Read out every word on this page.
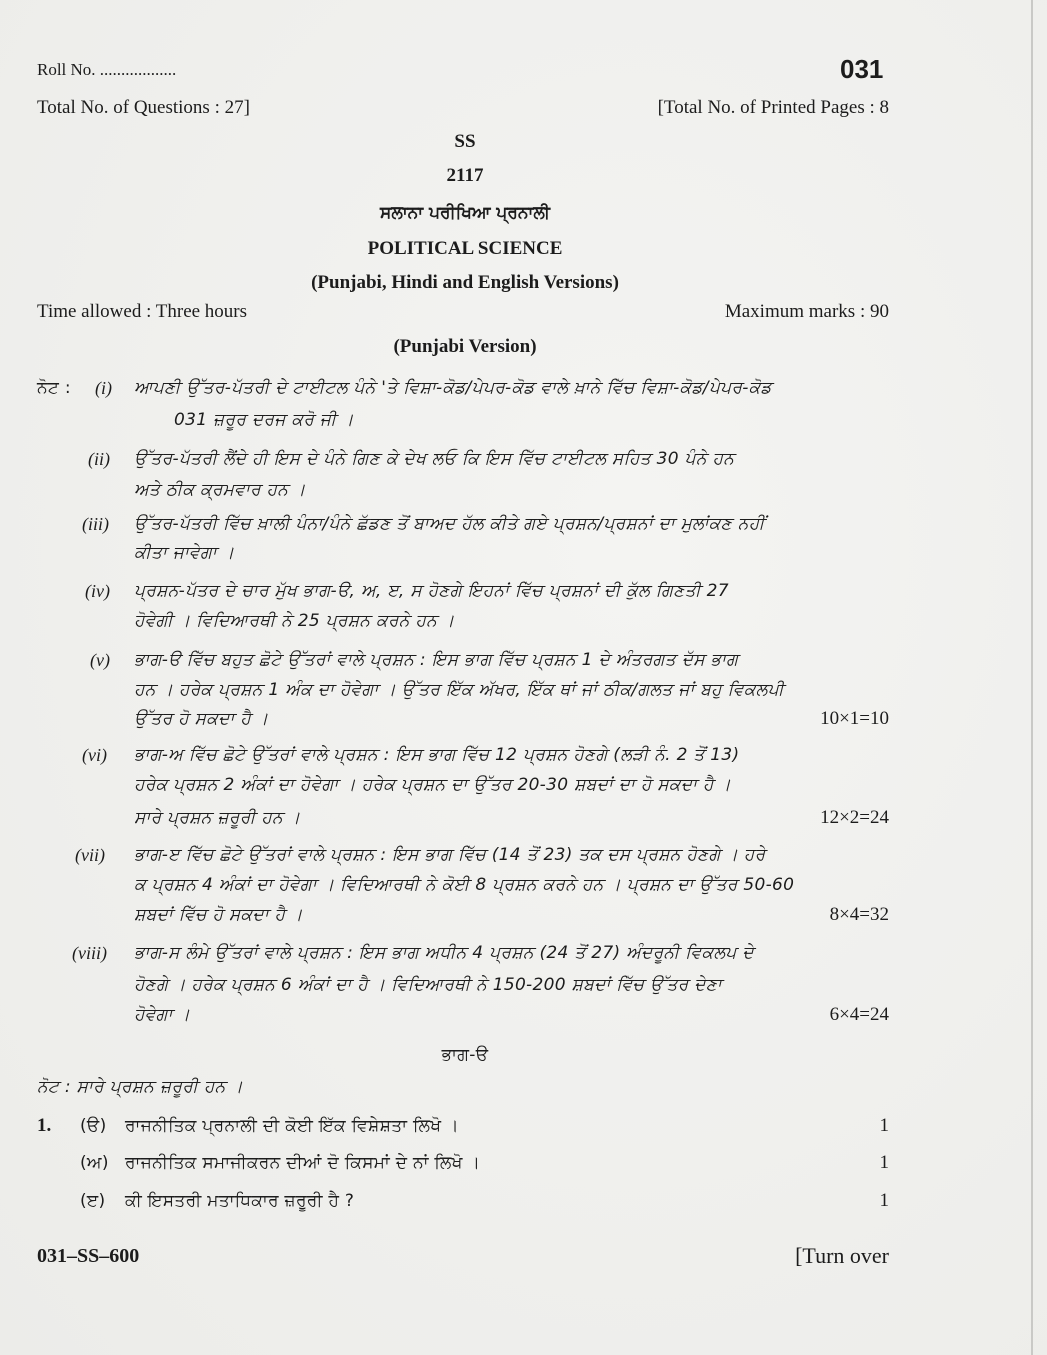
Roll No. ..................	031
Total No. of Questions : 27]	[Total No. of Printed Pages : 8
SS
2117
ਸਲਾਨਾ ਪਰੀਖਿਆ ਪ੍ਰਨਾਲੀ
POLITICAL SCIENCE
(Punjabi, Hindi and English Versions)
Time allowed : Three hours	Maximum marks : 90
(Punjabi Version)
ਨੋਟ : (i) ਆਪਣੀ ਉੱਤਰ-ਪੱਤਰੀ ਦੇ ਟਾਈਟਲ ਪੰਨੇ 'ਤੇ ਵਿਸ਼ਾ-ਕੋਡ/ਪੇਪਰ-ਕੋਡ ਵਾਲੇ ਖ਼ਾਨੇ ਵਿੱਚ ਵਿਸ਼ਾ-ਕੋਡ/ਪੇਪਰ-ਕੋਡ
031 ਜ਼ਰੂਰ ਦਰਜ ਕਰੋ ਜੀ ।
(ii) ਉੱਤਰ-ਪੱਤਰੀ ਲੈਂਦੇ ਹੀ ਇਸ ਦੇ ਪੰਨੇ ਗਿਣ ਕੇ ਦੇਖ ਲਓ ਕਿ ਇਸ ਵਿੱਚ ਟਾਈਟਲ ਸਹਿਤ 30 ਪੰਨੇ ਹਨ
ਅਤੇ ਠੀਕ ਕ੍ਰਮਵਾਰ ਹਨ ।
(iii) ਉੱਤਰ-ਪੱਤਰੀ ਵਿੱਚ ਖ਼ਾਲੀ ਪੰਨਾ/ਪੰਨੇ ਛੱਡਣ ਤੋਂ ਬਾਅਦ ਹੱਲ ਕੀਤੇ ਗਏ ਪ੍ਰਸ਼ਨ/ਪ੍ਰਸ਼ਨਾਂ ਦਾ ਮੁਲਾਂਕਣ ਨਹੀਂ
ਕੀਤਾ ਜਾਵੇਗਾ ।
(iv) ਪ੍ਰਸ਼ਨ-ਪੱਤਰ ਦੇ ਚਾਰ ਮੁੱਖ ਭਾਗ-ੳ, ਅ, ੲ, ਸ ਹੋਣਗੇ ਇਹਨਾਂ ਵਿੱਚ ਪ੍ਰਸ਼ਨਾਂ ਦੀ ਕੁੱਲ ਗਿਣਤੀ 27
ਹੋਵੇਗੀ । ਵਿਦਿਆਰਥੀ ਨੇ 25 ਪ੍ਰਸ਼ਨ ਕਰਨੇ ਹਨ ।
(v) ਭਾਗ-ੳ ਵਿੱਚ ਬਹੁਤ ਛੋਟੇ ਉੱਤਰਾਂ ਵਾਲੇ ਪ੍ਰਸ਼ਨ : ਇਸ ਭਾਗ ਵਿੱਚ ਪ੍ਰਸ਼ਨ 1 ਦੇ ਅੰਤਰਗਤ ਦੱਸ ਭਾਗ
ਹਨ । ਹਰੇਕ ਪ੍ਰਸ਼ਨ 1 ਅੰਕ ਦਾ ਹੋਵੇਗਾ । ਉੱਤਰ ਇੱਕ ਅੱਖਰ, ਇੱਕ ਥਾਂ ਜਾਂ ਠੀਕ/ਗਲਤ ਜਾਂ ਬਹੁ ਵਿਕਲਪੀ
ਉੱਤਰ ਹੋ ਸਕਦਾ ਹੈ ।	10×1=10
(vi) ਭਾਗ-ਅ ਵਿੱਚ ਛੋਟੇ ਉੱਤਰਾਂ ਵਾਲੇ ਪ੍ਰਸ਼ਨ : ਇਸ ਭਾਗ ਵਿੱਚ 12 ਪ੍ਰਸ਼ਨ ਹੋਣਗੇ (ਲੜੀ ਨੰ. 2 ਤੋਂ 13)
ਹਰੇਕ ਪ੍ਰਸ਼ਨ 2 ਅੰਕਾਂ ਦਾ ਹੋਵੇਗਾ । ਹਰੇਕ ਪ੍ਰਸ਼ਨ ਦਾ ਉੱਤਰ 20-30 ਸ਼ਬਦਾਂ ਦਾ ਹੋ ਸਕਦਾ ਹੈ ।
ਸਾਰੇ ਪ੍ਰਸ਼ਨ ਜ਼ਰੂਰੀ ਹਨ ।	12×2=24
(vii) ਭਾਗ-ੲ ਵਿੱਚ ਛੋਟੇ ਉੱਤਰਾਂ ਵਾਲੇ ਪ੍ਰਸ਼ਨ : ਇਸ ਭਾਗ ਵਿੱਚ (14 ਤੋਂ 23) ਤਕ ਦਸ ਪ੍ਰਸ਼ਨ ਹੋਣਗੇ । ਹਰੇ
ਕ ਪ੍ਰਸ਼ਨ 4 ਅੰਕਾਂ ਦਾ ਹੋਵੇਗਾ । ਵਿਦਿਆਰਥੀ ਨੇ ਕੋਈ 8 ਪ੍ਰਸ਼ਨ ਕਰਨੇ ਹਨ । ਪ੍ਰਸ਼ਨ ਦਾ ਉੱਤਰ 50-60
ਸ਼ਬਦਾਂ ਵਿੱਚ ਹੋ ਸਕਦਾ ਹੈ ।	8×4=32
(viii) ਭਾਗ-ਸ ਲੰਮੇ ਉੱਤਰਾਂ ਵਾਲੇ ਪ੍ਰਸ਼ਨ : ਇਸ ਭਾਗ ਅਧੀਨ 4 ਪ੍ਰਸ਼ਨ (24 ਤੋਂ 27) ਅੰਦਰੂਨੀ ਵਿਕਲਪ ਦੇ
ਹੋਣਗੇ । ਹਰੇਕ ਪ੍ਰਸ਼ਨ 6 ਅੰਕਾਂ ਦਾ ਹੈ । ਵਿਦਿਆਰਥੀ ਨੇ 150-200 ਸ਼ਬਦਾਂ ਵਿੱਚ ਉੱਤਰ ਦੇਣਾ
ਹੋਵੇਗਾ ।	6×4=24
ਭਾਗ-ੳ
ਨੋਟ : ਸਾਰੇ ਪ੍ਰਸ਼ਨ ਜ਼ਰੂਰੀ ਹਨ ।
1. (ੳ) ਰਾਜਨੀਤਿਕ ਪ੍ਰਨਾਲੀ ਦੀ ਕੋਈ ਇੱਕ ਵਿਸ਼ੇਸ਼ਤਾ ਲਿਖੋ ।	1
(ਅ) ਰਾਜਨੀਤਿਕ ਸਮਾਜੀਕਰਨ ਦੀਆਂ ਦੋ ਕਿਸਮਾਂ ਦੇ ਨਾਂ ਲਿਖੋ ।	1
(ੲ) ਕੀ ਇਸਤਰੀ ਮਤਾਧਿਕਾਰ ਜ਼ਰੂਰੀ ਹੈ ?	1
031–SS–600	[Turn over
